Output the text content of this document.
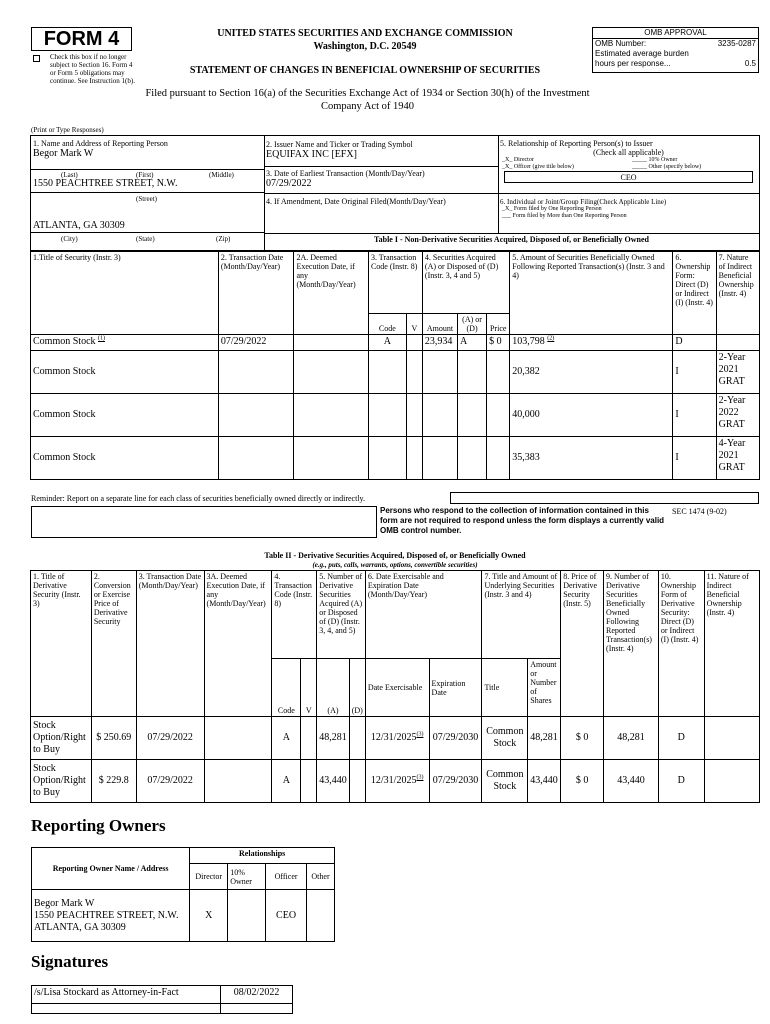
FORM 4
Check this box if no longer subject to Section 16. Form 4 or Form 5 obligations may continue. See Instruction 1(b).
UNITED STATES SECURITIES AND EXCHANGE COMMISSION
Washington, D.C. 20549
STATEMENT OF CHANGES IN BENEFICIAL OWNERSHIP OF SECURITIES
Filed pursuant to Section 16(a) of the Securities Exchange Act of 1934 or Section 30(h) of the Investment Company Act of 1940
OMB APPROVAL
OMB Number:	3235-0287
Estimated average burden
hours per response...	0.5
(Print or Type Responses)
1. Name and Address of Reporting Person
Begor Mark W
(Last)	(First)	(Middle)
1550 PEACHTREE STREET, N.W.
(Street)
ATLANTA, GA 30309
(City)	(State)	(Zip)
2. Issuer Name and Ticker or Trading Symbol
EQUIFAX INC [EFX]
3. Date of Earliest Transaction (Month/Day/Year)
07/29/2022
4. If Amendment, Date Original Filed(Month/Day/Year)
5. Relationship of Reporting Person(s) to Issuer
(Check all applicable)
_X_ Director	_____ 10% Owner
_X_ Officer (give title below)	_____ Other (specify below)
CEO
6. Individual or Joint/Group Filing(Check Applicable Line)
_X_ Form filed by One Reporting Person
___ Form filed by More than One Reporting Person
Table I - Non-Derivative Securities Acquired, Disposed of, or Beneficially Owned
1.Title of Security (Instr. 3)	2. Transaction Date (Month/Day/Year)	2A. Deemed Execution Date, if any (Month/Day/Year)	3. Transaction Code (Instr. 8)		4. Securities Acquired (A) or Disposed of (D) (Instr. 3, 4 and 5)			5. Amount of Securities Beneficially Owned Following Reported Transaction(s) (Instr. 3 and 4)	6. Ownership Form: Direct (D) or Indirect (I) (Instr. 4)	7. Nature of Indirect Beneficial Ownership (Instr. 4)
			Code	V	Amount	(A) or (D)	Price			
Common Stock $^{(1)}$	07/29/2022		A		23,934	A	$ 0	103,798 $^{(2)}$	D	
Common Stock								20,382	I	2-Year 2021 GRAT
Common Stock								40,000	I	2-Year 2022 GRAT
Common Stock								35,383	I	4-Year 2021 GRAT
Reminder: Report on a separate line for each class of securities beneficially owned directly or indirectly.
Persons who respond to the collection of information contained in this form are not required to respond unless the form displays a currently valid OMB control number.
SEC 1474 (9-02)
Table II - Derivative Securities Acquired, Disposed of, or Beneficially Owned
(e.g., puts, calls, warrants, options, convertible securities)
1. Title of Derivative Security (Instr. 3)	2. Conversion or Exercise Price of Derivative Security	3. Transaction Date (Month/Day/Year)	3A. Deemed Execution Date, if any (Month/Day/Year)	4. Transaction Code (Instr. 8)		5. Number of Derivative Securities Acquired (A) or Disposed of (D) (Instr. 3, 4, and 5)		6. Date Exercisable and Expiration Date (Month/Day/Year)		7. Title and Amount of Underlying Securities (Instr. 3 and 4)		8. Price of Derivative Security (Instr. 5)	9. Number of Derivative Securities Beneficially Owned Following Reported Transaction(s) (Instr. 4)	10. Ownership Form of Derivative Security: Direct (D) or Indirect (I) (Instr. 4)	11. Nature of Indirect Beneficial Ownership (Instr. 4)
				Code	V	(A)	(D)	Date Exercisable	Expiration Date	Title	Amount or Number of Shares				
Stock Option/Right to Buy	$ 250.69	07/29/2022		A		48,281		12/31/2025$^{(3)}$	07/29/2030	Common Stock	48,281	$ 0	48,281	D	
Stock Option/Right to Buy	$ 229.8	07/29/2022		A		43,440		12/31/2025$^{(3)}$	07/29/2030	Common Stock	43,440	$ 0	43,440	D	
Reporting Owners
Reporting Owner Name / Address	Relationships			
	Director	10% Owner	Officer	Other

Begor Mark W
1550 PEACHTREE STREET, N.W.
ATLANTA, GA 30309	X		CEO	
Signatures
/s/Lisa Stockard as Attorney-in-Fact	08/02/2022
